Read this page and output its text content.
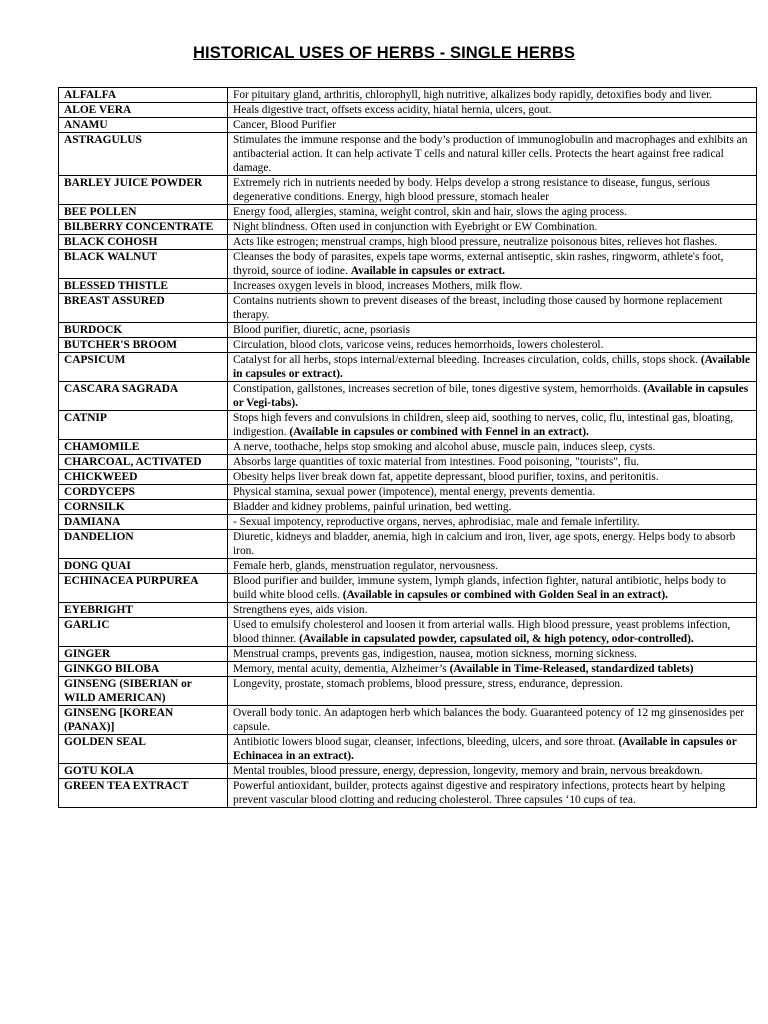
HISTORICAL USES OF HERBS - SINGLE HERBS
ALFALFA	For pituitary gland, arthritis, chlorophyll, high nutritive, alkalizes body rapidly, detoxifies body and liver.
ALOE VERA	Heals digestive tract, offsets excess acidity, hiatal hernia, ulcers, gout.
ANAMU	Cancer, Blood Purifier
ASTRAGULUS	Stimulates the immune response and the body’s production of immunoglobulin and macrophages and exhibits an antibacterial action. It can help activate T cells and natural killer cells. Protects the heart against free radical damage.
BARLEY JUICE POWDER	Extremely rich in nutrients needed by body. Helps develop a strong resistance to disease, fungus, serious degenerative conditions. Energy, high blood pressure, stomach healer
BEE POLLEN	Energy food, allergies, stamina, weight control, skin and hair, slows the aging process.
BILBERRY CONCENTRATE	Night blindness. Often used in conjunction with Eyebright or EW Combination.
BLACK COHOSH	Acts like estrogen; menstrual cramps, high blood pressure, neutralize poisonous bites, relieves hot flashes.
BLACK WALNUT	Cleanses the body of parasites, expels tape worms, external antiseptic, skin rashes, ringworm, athlete's foot, thyroid, source of iodine. Available in capsules or extract.
BLESSED THISTLE	Increases oxygen levels in blood, increases Mothers, milk flow.
BREAST ASSURED	Contains nutrients shown to prevent diseases of the breast, including those caused by hormone replacement therapy.
BURDOCK	Blood purifier, diuretic, acne, psoriasis
BUTCHER'S BROOM	Circulation, blood clots, varicose veins, reduces hemorrhoids, lowers cholesterol.
CAPSICUM	Catalyst for all herbs, stops internal/external bleeding. Increases circulation, colds, chills, stops shock. (Available in capsules or extract).
CASCARA SAGRADA	Constipation, gallstones, increases secretion of bile, tones digestive system, hemorrhoids. (Available in capsules or Vegi-tabs).
CATNIP	Stops high fevers and convulsions in children, sleep aid, soothing to nerves, colic, flu, intestinal gas, bloating, indigestion. (Available in capsules or combined with Fennel in an extract).
CHAMOMILE	A nerve, toothache, helps stop smoking and alcohol abuse, muscle pain, induces sleep, cysts.
CHARCOAL, ACTIVATED	Absorbs large quantities of toxic material from intestines. Food poisoning, "tourists", flu.
CHICKWEED	Obesity helps liver break down fat, appetite depressant, blood purifier, toxins, and peritonitis.
CORDYCEPS	Physical stamina, sexual power (impotence), mental energy, prevents dementia.
CORNSILK	Bladder and kidney problems, painful urination, bed wetting.
DAMIANA	- Sexual impotency, reproductive organs, nerves, aphrodisiac, male and female infertility.
DANDELION	Diuretic, kidneys and bladder, anemia, high in calcium and iron, liver, age spots, energy. Helps body to absorb iron.
DONG QUAI	Female herb, glands, menstruation regulator, nervousness.
ECHINACEA PURPUREA	Blood purifier and builder, immune system, lymph glands, infection fighter, natural antibiotic, helps body to build white blood cells. (Available in capsules or combined with Golden Seal in an extract).
EYEBRIGHT	Strengthens eyes, aids vision.
GARLIC	Used to emulsify cholesterol and loosen it from arterial walls. High blood pressure, yeast problems infection, blood thinner. (Available in capsulated powder, capsulated oil, & high potency, odor-controlled).
GINGER	Menstrual cramps, prevents gas, indigestion, nausea, motion sickness, morning sickness.
GINKGO BILOBA	Memory, mental acuity, dementia, Alzheimer’s (Available in Time-Released, standardized tablets)
GINSENG (SIBERIAN or WILD AMERICAN)	Longevity, prostate, stomach problems, blood pressure, stress, endurance, depression.
GINSENG [KOREAN (PANAX)]	Overall body tonic. An adaptogen herb which balances the body. Guaranteed potency of 12 mg ginsenosides per capsule.
GOLDEN SEAL	Antibiotic lowers blood sugar, cleanser, infections, bleeding, ulcers, and sore throat. (Available in capsules or Echinacea in an extract).
GOTU KOLA	Mental troubles, blood pressure, energy, depression, longevity, memory and brain, nervous breakdown.
GREEN TEA EXTRACT	Powerful antioxidant, builder, protects against digestive and respiratory infections, protects heart by helping prevent vascular blood clotting and reducing cholesterol. Three capsules ‘10 cups of tea.
